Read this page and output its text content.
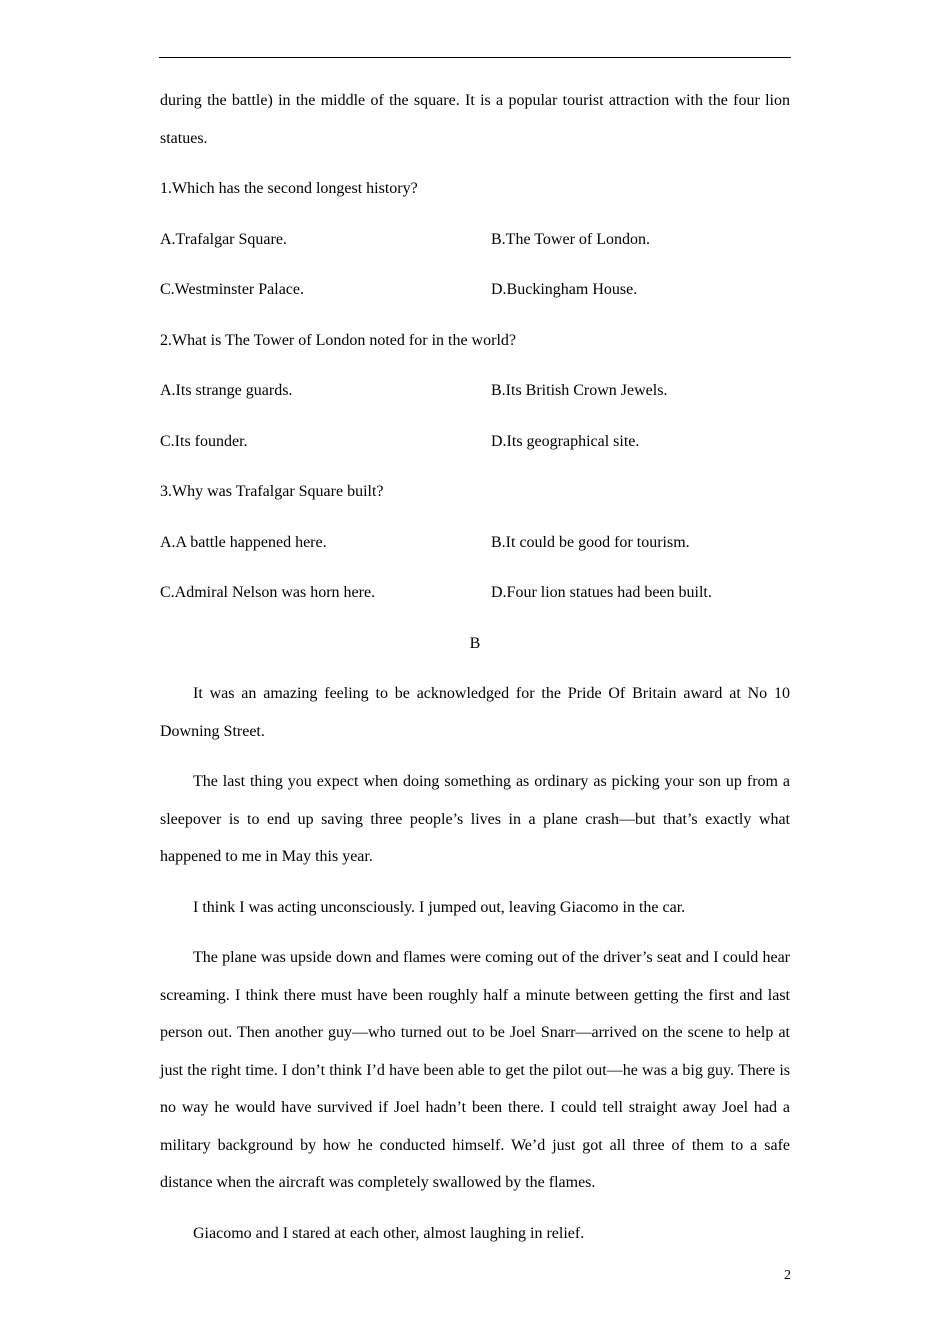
during the battle) in the middle of the square. It is a popular tourist attraction with the four lion statues.

1.Which has the second longest history?

A.Trafalgar Square.	B.The Tower of London.
C.Westminster Palace.	D.Buckingham House.

2.What is The Tower of London noted for in the world?

A.Its strange guards.	B.Its British Crown Jewels.
C.Its founder.	D.Its geographical site.

3.Why was Trafalgar Square built?

A.A battle happened here.	B.It could be good for tourism.
C.Admiral Nelson was horn here.	D.Four lion statues had been built.

B

It was an amazing feeling to be acknowledged for the Pride Of Britain award at No 10 Downing Street.

The last thing you expect when doing something as ordinary as picking your son up from a sleepover is to end up saving three people’s lives in a plane crash—but that’s exactly what happened to me in May this year.

I think I was acting unconsciously. I jumped out, leaving Giacomo in the car.

The plane was upside down and flames were coming out of the driver’s seat and I could hear screaming. I think there must have been roughly half a minute between getting the first and last person out. Then another guy—who turned out to be Joel Snarr—arrived on the scene to help at just the right time. I don’t think I’d have been able to get the pilot out—he was a big guy. There is no way he would have survived if Joel hadn’t been there. I could tell straight away Joel had a military background by how he conducted himself. We’d just got all three of them to a safe distance when the aircraft was completely swallowed by the flames.

Giacomo and I stared at each other, almost laughing in relief.

2
